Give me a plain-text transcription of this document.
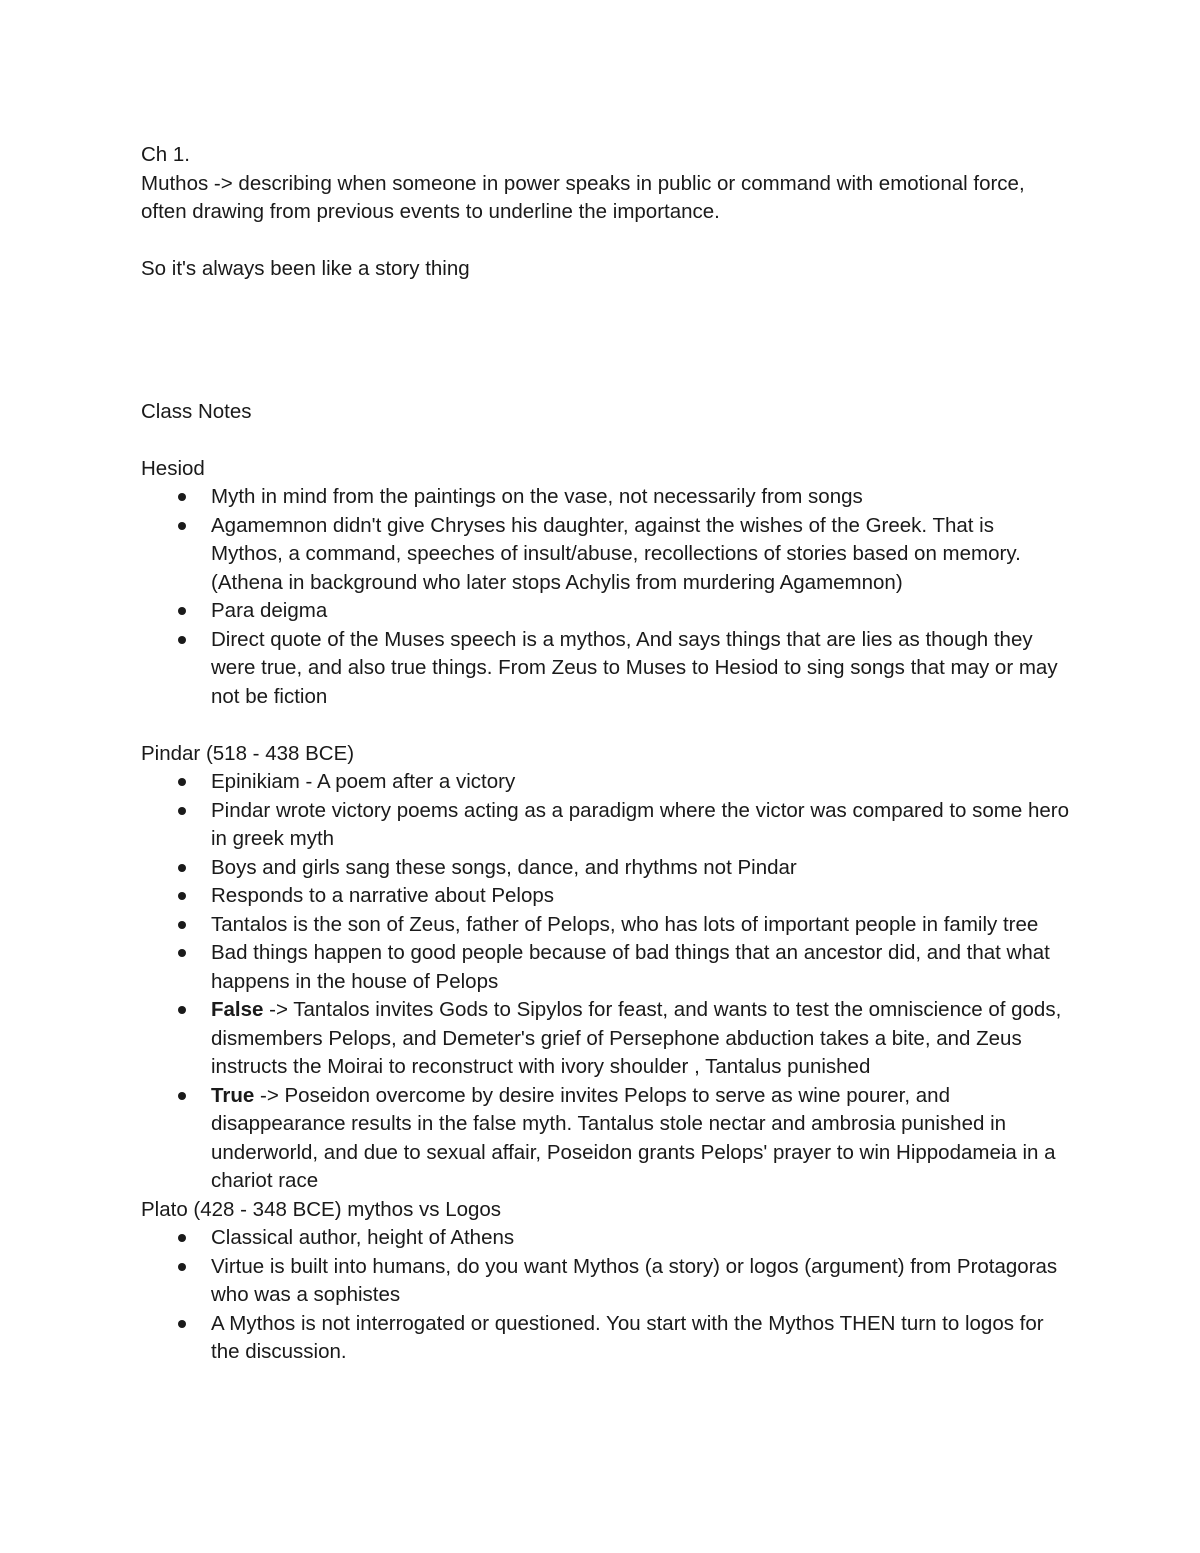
Ch 1.

Muthos -> describing when someone in power speaks in public or command with emotional force, often drawing from previous events to underline the importance.

So it's always been like a story thing

Class Notes

Hesiod

Myth in mind from the paintings on the vase, not necessarily from songs
Agamemnon didn't give Chryses his daughter, against the wishes of the Greek. That is Mythos, a command, speeches of insult/abuse, recollections of stories based on memory. (Athena in background who later stops Achylis from murdering Agamemnon)
Para deigma
Direct quote of the Muses speech is a mythos, And says things that are lies as though they were true, and also true things. From Zeus to Muses to Hesiod to sing songs that may or may not be fiction

Pindar (518 - 438 BCE)

Epinikiam - A poem after a victory
Pindar wrote victory poems acting as a paradigm where the victor was compared to some hero in greek myth
Boys and girls sang these songs, dance, and rhythms not Pindar
Responds to a narrative about Pelops
Tantalos is the son of Zeus, father of Pelops, who has lots of important people in family tree
Bad things happen to good people because of bad things that an ancestor did, and that what happens in the house of Pelops
False -> Tantalos invites Gods to Sipylos for feast, and wants to test the omniscience of gods, dismembers Pelops, and Demeter's grief of Persephone abduction takes a bite, and Zeus instructs the Moirai to reconstruct with ivory shoulder , Tantalus punished
True -> Poseidon overcome by desire invites Pelops to serve as wine pourer, and disappearance results in the false myth. Tantalus stole nectar and ambrosia punished in underworld, and due to sexual affair, Poseidon grants Pelops' prayer to win Hippodameia in a chariot race

Plato (428 - 348 BCE) mythos vs Logos

Classical author, height of Athens
Virtue is built into humans, do you want Mythos (a story) or logos (argument) from Protagoras who was a sophistes
A Mythos is not interrogated or questioned. You start with the Mythos THEN turn to logos for the discussion.
